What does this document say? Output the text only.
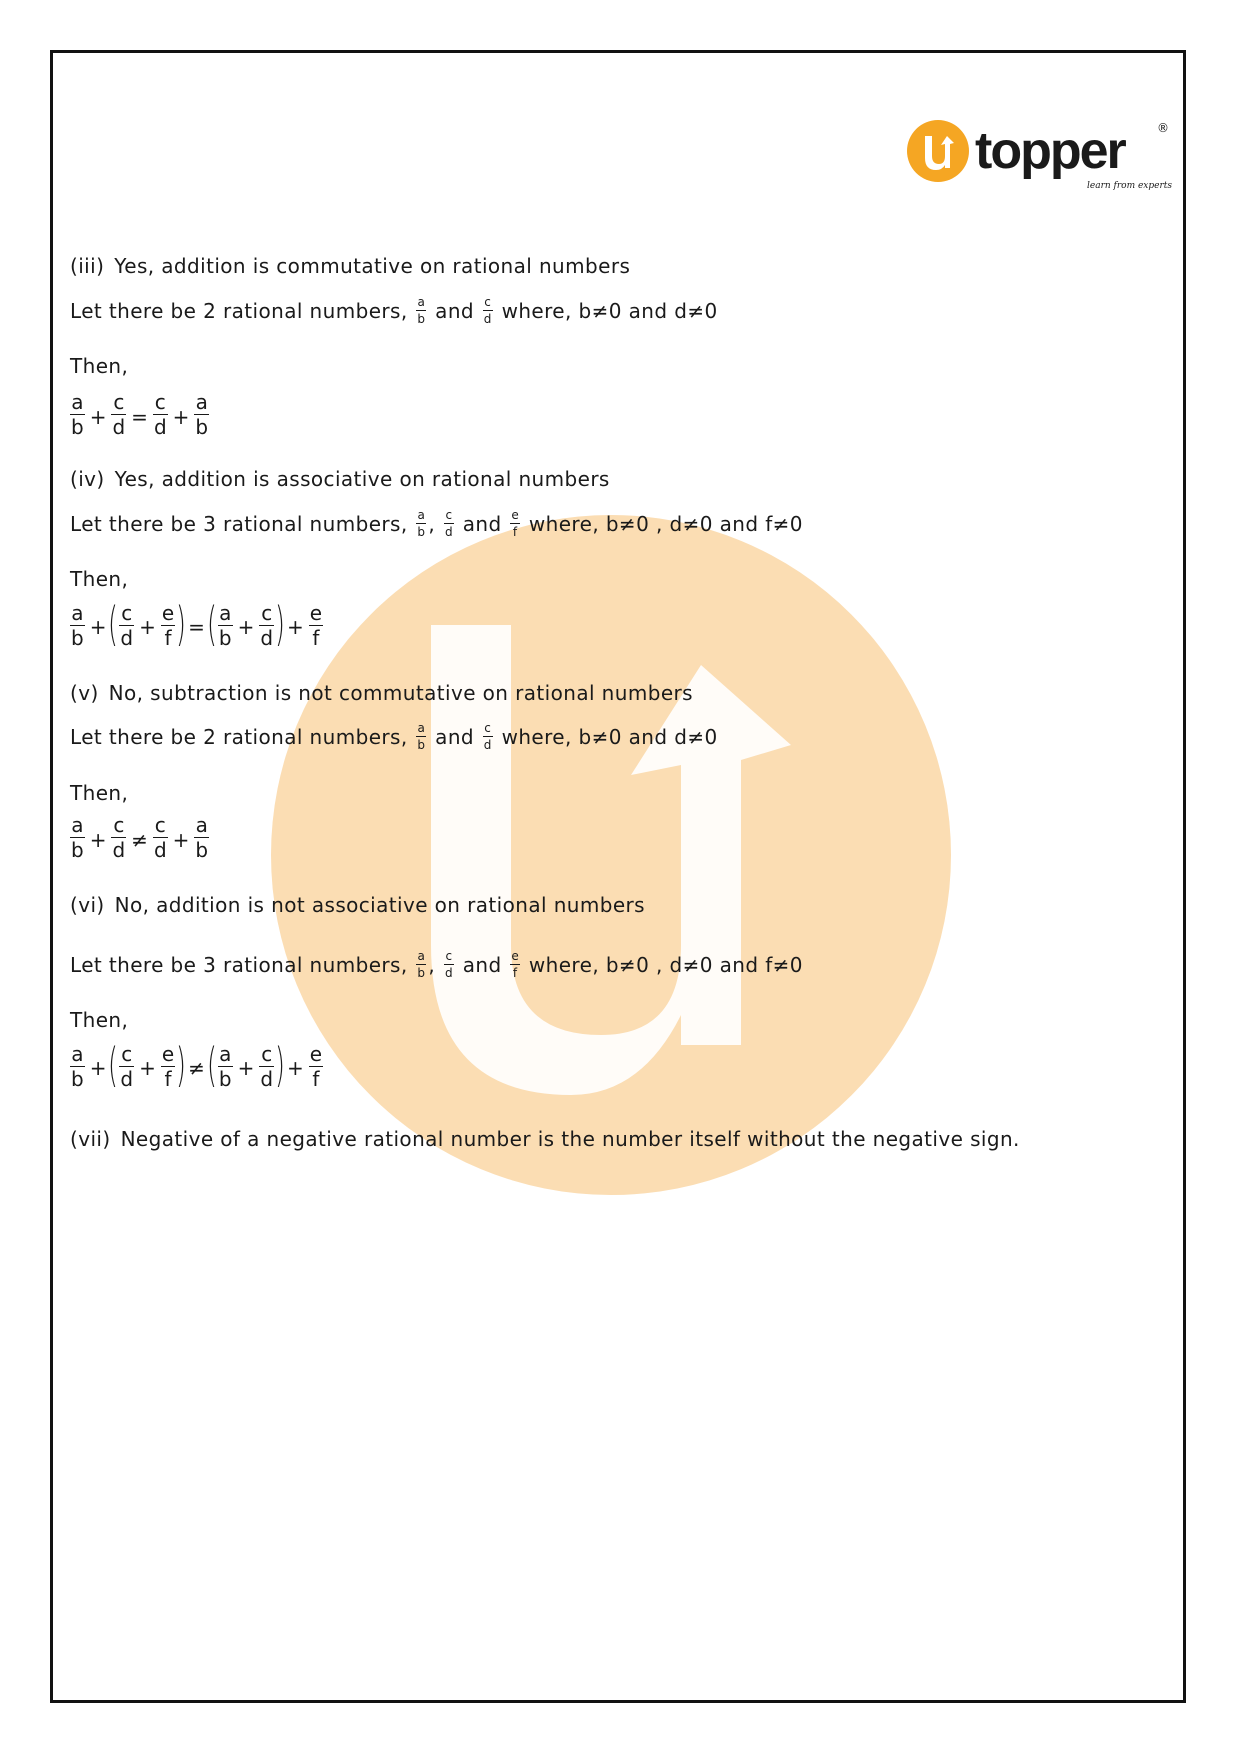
topper
learn from experts
®
(iii) Yes, addition is commutative on rational numbers
Let there be 2 rational numbers, $\frac{a}{b}$ and $\frac{c}{d}$ where, b≠0 and d≠0
Then,
$\frac{a}{b} + \frac{c}{d} = \frac{c}{d} + \frac{a}{b}$
(iv) Yes, addition is associative on rational numbers
Let there be 3 rational numbers, $\frac{a}{b}$ , $\frac{c}{d}$ and $\frac{e}{f}$ where, b≠0 , d≠0 and f≠0
Then,
$\frac{a}{b}$ +( $\frac{c}{d} + \frac{e}{f}$ ) =( $\frac{a}{b} + \frac{c}{d}$ ) + $\frac{e}{f}$
(v) No, subtraction is not commutative on rational numbers
Let there be 2 rational numbers, $\frac{a}{b}$ and $\frac{c}{d}$ where, b≠0 and d≠0
Then,
$\frac{a}{b} + \frac{c}{d} \ne \frac{c}{d} + \frac{a}{b}$
(vi) No, addition is not associative on rational numbers
Let there be 3 rational numbers, $\frac{a}{b}$ , $\frac{c}{d}$ and $\frac{e}{f}$ where, b≠0 , d≠0 and f≠0
Then,
$\frac{a}{b}$ +( $\frac{c}{d} + \frac{e}{f}$ ) ≠( $\frac{a}{b} + \frac{c}{d}$ ) + $\frac{e}{f}$
(vii) Negative of a negative rational number is the number itself without the negative sign.
